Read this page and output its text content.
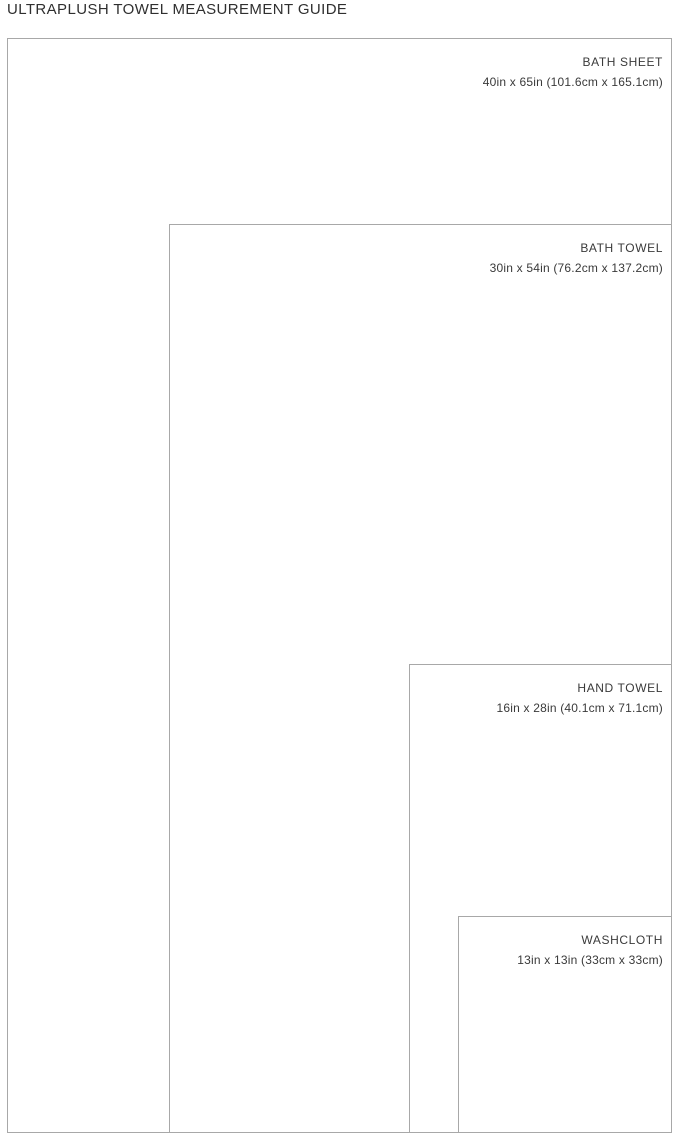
ULTRAPLUSH TOWEL MEASUREMENT GUIDE
BATH SHEET
40in x 65in (101.6cm x 165.1cm)
BATH TOWEL
30in x 54in (76.2cm x 137.2cm)
HAND TOWEL
16in x 28in (40.1cm x 71.1cm)
WASHCLOTH
13in x 13in (33cm x 33cm)
